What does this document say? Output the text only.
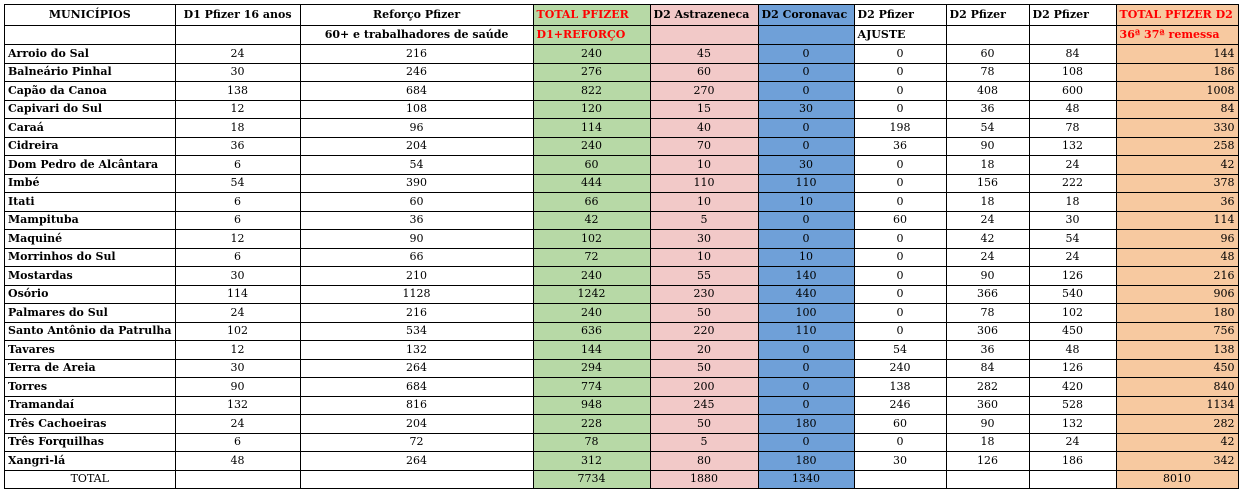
MUNICÍPIOS	D1 Pfizer 16 anos	Reforço Pfizer	TOTAL PFIZER	D2 Astrazeneca	D2 Coronavac	D2 Pfizer	D2 Pfizer	D2 Pfizer	TOTAL PFIZER D2
		60+ e trabalhadores de saúde	D1+REFORÇO			AJUSTE			36ª 37ª remessa
Arroio do Sal	24	216	240	45	0	0	60	84	144
Balneário Pinhal	30	246	276	60	0	0	78	108	186
Capão da Canoa	138	684	822	270	0	0	408	600	1008
Capivari do Sul	12	108	120	15	30	0	36	48	84
Caraá	18	96	114	40	0	198	54	78	330
Cidreira	36	204	240	70	0	36	90	132	258
Dom Pedro de Alcântara	6	54	60	10	30	0	18	24	42
Imbé	54	390	444	110	110	0	156	222	378
Itati	6	60	66	10	10	0	18	18	36
Mampituba	6	36	42	5	0	60	24	30	114
Maquiné	12	90	102	30	0	0	42	54	96
Morrinhos do Sul	6	66	72	10	10	0	24	24	48
Mostardas	30	210	240	55	140	0	90	126	216
Osório	114	1128	1242	230	440	0	366	540	906
Palmares do Sul	24	216	240	50	100	0	78	102	180
Santo Antônio da Patrulha	102	534	636	220	110	0	306	450	756
Tavares	12	132	144	20	0	54	36	48	138
Terra de Areia	30	264	294	50	0	240	84	126	450
Torres	90	684	774	200	0	138	282	420	840
Tramandaí	132	816	948	245	0	246	360	528	1134
Três Cachoeiras	24	204	228	50	180	60	90	132	282
Três Forquilhas	6	72	78	5	0	0	18	24	42
Xangri-lá	48	264	312	80	180	30	126	186	342
TOTAL			7734	1880	1340				8010
